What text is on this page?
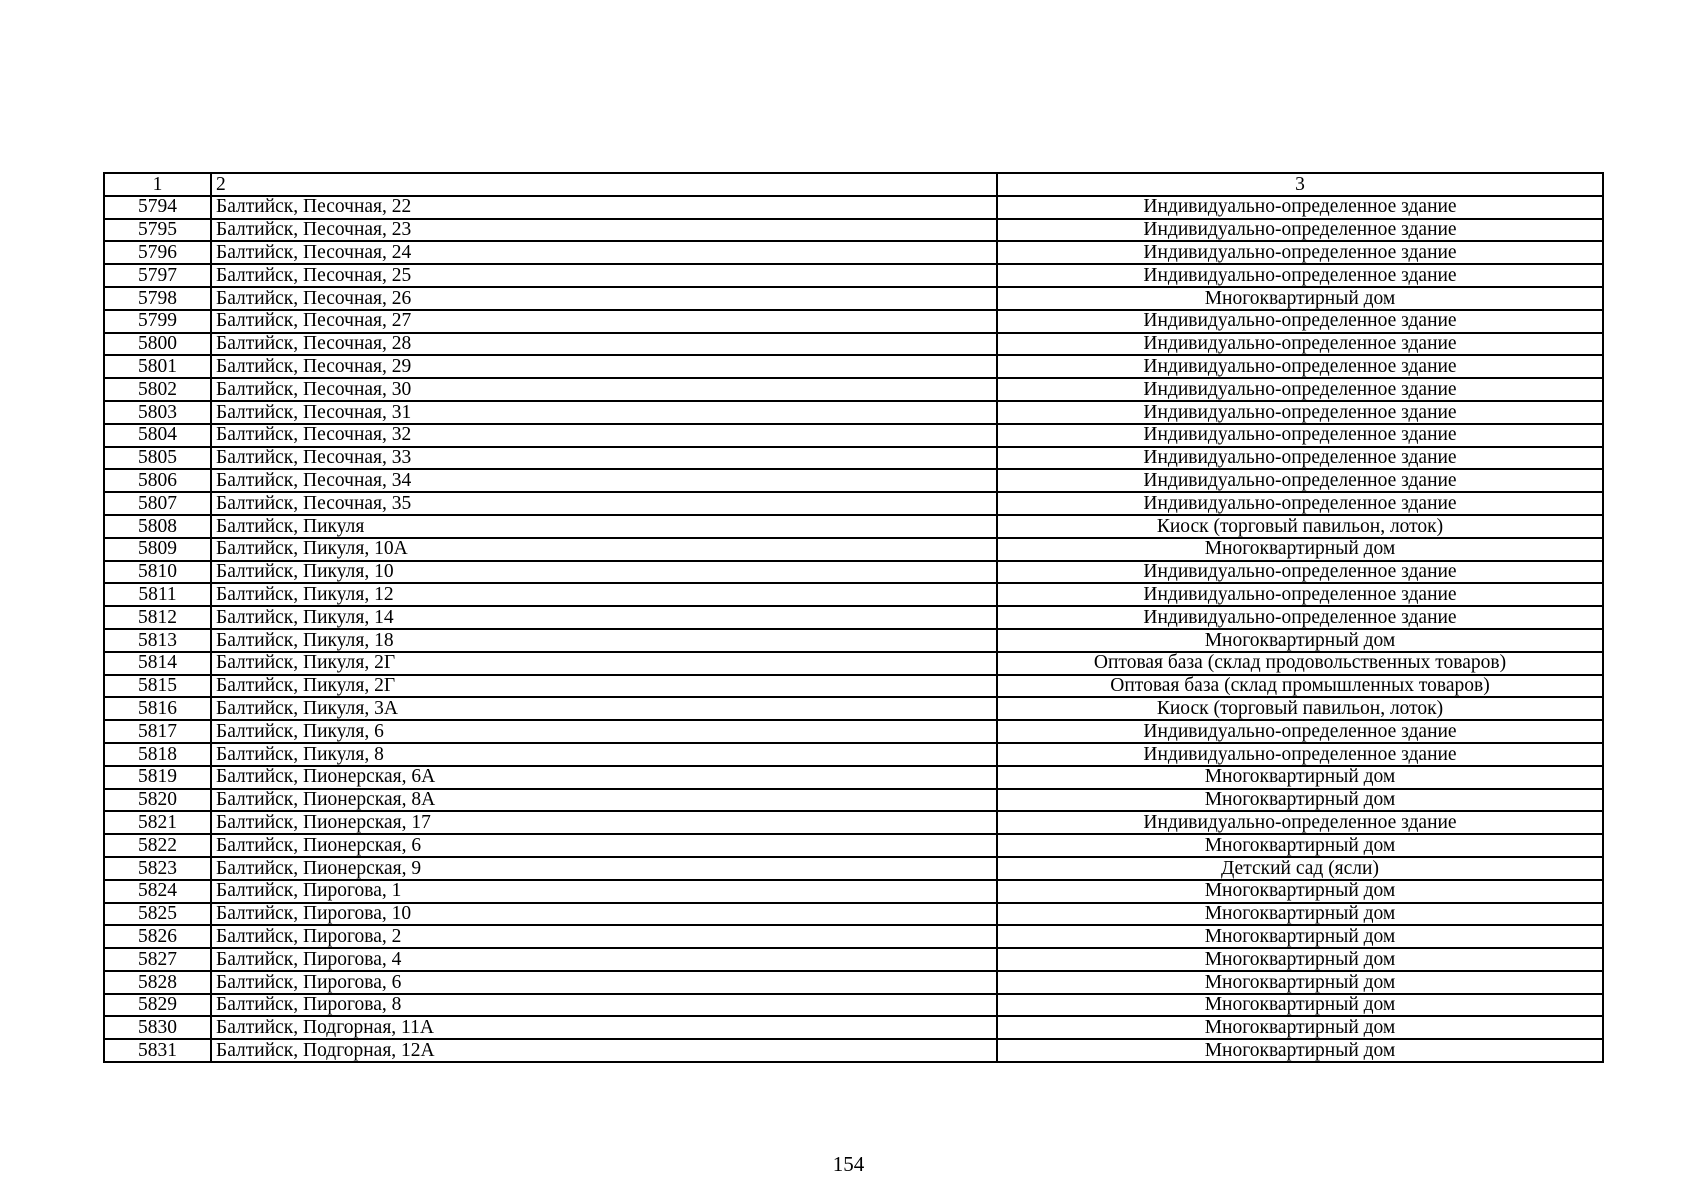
1	2	3
5794	Балтийск, Песочная, 22	Индивидуально-определенное здание
5795	Балтийск, Песочная, 23	Индивидуально-определенное здание
5796	Балтийск, Песочная, 24	Индивидуально-определенное здание
5797	Балтийск, Песочная, 25	Индивидуально-определенное здание
5798	Балтийск, Песочная, 26	Многоквартирный дом
5799	Балтийск, Песочная, 27	Индивидуально-определенное здание
5800	Балтийск, Песочная, 28	Индивидуально-определенное здание
5801	Балтийск, Песочная, 29	Индивидуально-определенное здание
5802	Балтийск, Песочная, 30	Индивидуально-определенное здание
5803	Балтийск, Песочная, 31	Индивидуально-определенное здание
5804	Балтийск, Песочная, 32	Индивидуально-определенное здание
5805	Балтийск, Песочная, 33	Индивидуально-определенное здание
5806	Балтийск, Песочная, 34	Индивидуально-определенное здание
5807	Балтийск, Песочная, 35	Индивидуально-определенное здание
5808	Балтийск, Пикуля	Киоск (торговый павильон, лоток)
5809	Балтийск, Пикуля, 10А	Многоквартирный дом
5810	Балтийск, Пикуля, 10	Индивидуально-определенное здание
5811	Балтийск, Пикуля, 12	Индивидуально-определенное здание
5812	Балтийск, Пикуля, 14	Индивидуально-определенное здание
5813	Балтийск, Пикуля, 18	Многоквартирный дом
5814	Балтийск, Пикуля, 2Г	Оптовая база (склад продовольственных товаров)
5815	Балтийск, Пикуля, 2Г	Оптовая база (склад промышленных товаров)
5816	Балтийск, Пикуля, 3А	Киоск (торговый павильон, лоток)
5817	Балтийск, Пикуля, 6	Индивидуально-определенное здание
5818	Балтийск, Пикуля, 8	Индивидуально-определенное здание
5819	Балтийск, Пионерская, 6А	Многоквартирный дом
5820	Балтийск, Пионерская, 8А	Многоквартирный дом
5821	Балтийск, Пионерская, 17	Индивидуально-определенное здание
5822	Балтийск, Пионерская, 6	Многоквартирный дом
5823	Балтийск, Пионерская, 9	Детский сад (ясли)
5824	Балтийск, Пирогова, 1	Многоквартирный дом
5825	Балтийск, Пирогова, 10	Многоквартирный дом
5826	Балтийск, Пирогова, 2	Многоквартирный дом
5827	Балтийск, Пирогова, 4	Многоквартирный дом
5828	Балтийск, Пирогова, 6	Многоквартирный дом
5829	Балтийск, Пирогова, 8	Многоквартирный дом
5830	Балтийск, Подгорная, 11А	Многоквартирный дом
5831	Балтийск, Подгорная, 12А	Многоквартирный дом
154
